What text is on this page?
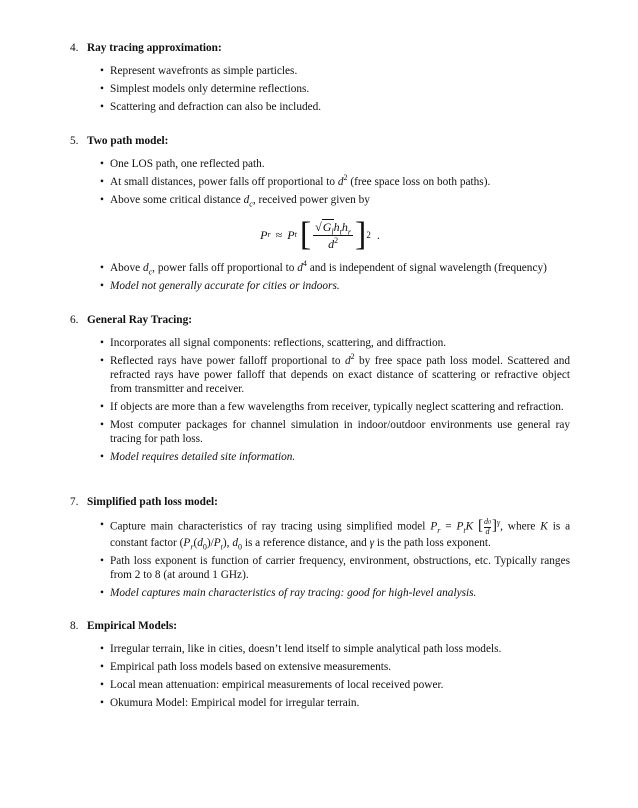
4. Ray tracing approximation:
• Represent wavefronts as simple particles.
• Simplest models only determine reflections.
• Scattering and defraction can also be included.
5. Two path model:
• One LOS path, one reflected path.
• At small distances, power falls off proportional to $d^2$ (free space loss on both paths).
• Above some critical distance $d_c$, received power given by
P r ≈ P t [ $\frac{√G_lh_th_r}{d^2}$ ] 2 .
• Above $d_c$, power falls off proportional to $d^4$ and is independent of signal wavelength (frequency)
• Model not generally accurate for cities or indoors.
6. General Ray Tracing:
• Incorporates all signal components: reflections, scattering, and diffraction.
• Reflected rays have power falloff proportional to $d^2$ by free space path loss model. Scattered and refracted rays have power falloff that depends on exact distance of scattering or refractive object from transmitter and receiver.
• If objects are more than a few wavelengths from receiver, typically neglect scattering and refraction.
• Most computer packages for channel simulation in indoor/outdoor environments use general ray tracing for path loss.
• Model requires detailed site information.
7. Simplified path loss model:
• Capture main characteristics of ray tracing using simplified model $P_r = P_tK$ [ $\frac{d0}{d} ]^\gamma$, where K is a constant factor $(P_r(d_0)/P_t)$, $d_0$ is a reference distance, and γ is the path loss exponent.
• Path loss exponent is function of carrier frequency, environment, obstructions, etc. Typically ranges from 2 to 8 (at around 1 GHz).
• Model captures main characteristics of ray tracing: good for high-level analysis.
8. Empirical Models:
• Irregular terrain, like in cities, doesn’t lend itself to simple analytical path loss models.
• Empirical path loss models based on extensive measurements.
• Local mean attenuation: empirical measurements of local received power.
• Okumura Model: Empirical model for irregular terrain.
